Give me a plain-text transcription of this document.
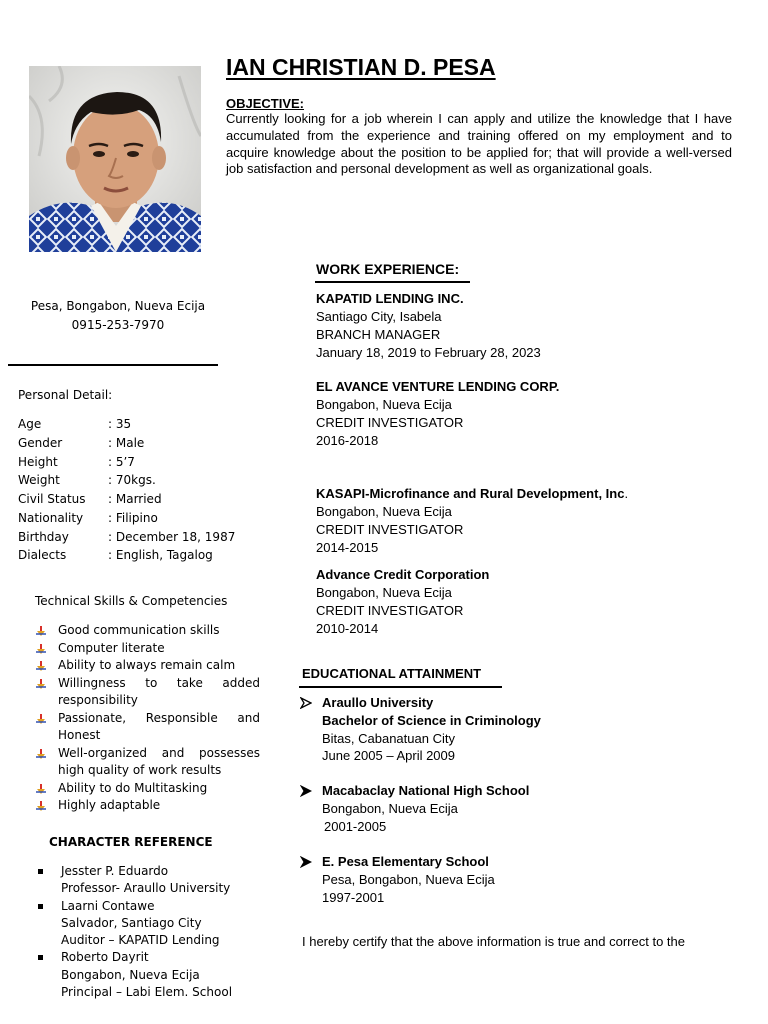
IAN CHRISTIAN D. PESA
OBJECTIVE:
Currently looking for a job wherein I can apply and utilize the knowledge that I have accumulated from the experience and training offered on my employment and to acquire knowledge about the position to be applied for; that will provide a well-versed job satisfaction and personal development as well as organizational goals.
Pesa, Bongabon, Nueva Ecija
0915-253-7970
Personal Detail:
Age	: 35
Gender	: Male
Height	: 5’7
Weight	: 70kgs.
Civil Status : Married
Nationality : Filipino
Birthday	: December 18, 1987
Dialects	: English, Tagalog
Technical Skills & Competencies
Good communication skills
Computer literate
Ability to always remain calm
Willingness to take added responsibility
Passionate, Responsible and Honest
Well-organized and possesses high quality of work results
Ability to do Multitasking
Highly adaptable
CHARACTER REFERENCE
Jesster P. Eduardo
Professor- Araullo University
Laarni Contawe
Salvador, Santiago City
Auditor – KAPATID Lending
Roberto Dayrit
Bongabon, Nueva Ecija
Principal – Labi Elem. School
WORK EXPERIENCE:
KAPATID LENDING INC.
Santiago City, Isabela
BRANCH MANAGER
January 18, 2019 to February 28, 2023
EL AVANCE VENTURE LENDING CORP.
Bongabon, Nueva Ecija
CREDIT INVESTIGATOR
2016-2018
KASAPI-Microfinance and Rural Development, Inc.
Bongabon, Nueva Ecija
CREDIT INVESTIGATOR
2014-2015
Advance Credit Corporation
Bongabon, Nueva Ecija
CREDIT INVESTIGATOR
2010-2014
EDUCATIONAL ATTAINMENT
Araullo University
Bachelor of Science in Criminology
Bitas, Cabanatuan City
June 2005 – April 2009
Macabaclay National High School
Bongabon, Nueva Ecija
2001-2005
E. Pesa Elementary School
Pesa, Bongabon, Nueva Ecija
1997-2001
I hereby certify that the above information is true and correct to the
